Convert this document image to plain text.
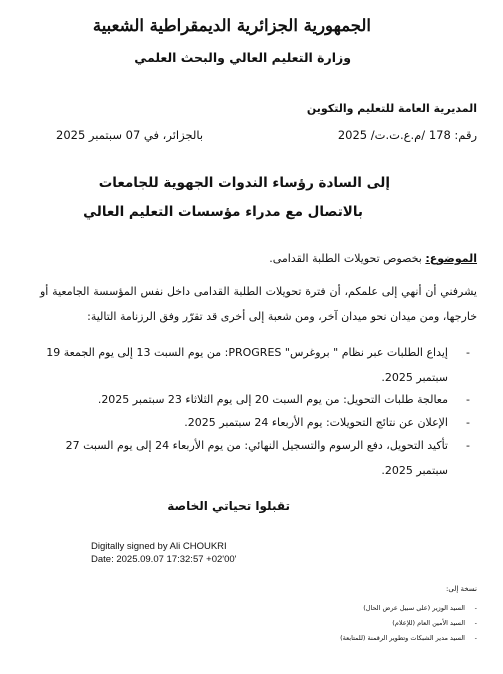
الجمهورية الجزائرية الديمقراطية الشعبية
وزارة التعليم العالي والبحث العلمي
المديرية العامة للتعليم والتكوين
رقم: 178 /م.ع.ت.ت/ 2025
بالجزائر، في 07 سبتمبر 2025
إلى السادة رؤساء الندوات الجهوية للجامعات
بالاتصال مع مدراء مؤسسات التعليم العالي
الموضوع: بخصوص تحويلات الطلبة القدامى.
يشرفني أن أنهي إلى علمكم، أن فترة تحويلات الطلبة القدامى داخل نفس المؤسسة الجامعية أو خارجها، ومن ميدان نحو ميدان آخر، ومن شعبة إلى أخرى قد تقرّر وفق الرزنامة التالية:
-
إيداع الطلبات عبر نظام " بروغرس" PROGRES: من يوم السبت 13 إلى يوم الجمعة 19 سبتمبر 2025.
-
معالجة طلبات التحويل: من يوم السبت 20 إلى يوم الثلاثاء 23 سبتمبر 2025.
-
الإعلان عن نتائج التحويلات: يوم الأربعاء 24 سبتمبر 2025.
-
تأكيد التحويل، دفع الرسوم والتسجيل النهائي: من يوم الأربعاء 24 إلى يوم السبت 27 سبتمبر 2025.
تقبلوا تحياتي الخاصة
Digitally signed by Ali CHOUKRI
Date: 2025.09.07 17:32:57 +02'00'
نسخة إلى:
-
السيد الوزير (على سبيل عرض الحال)
-
السيد الأمين العام (للإعلام)
-
السيد مدير الشبكات وتطوير الرقمنة (للمتابعة)
